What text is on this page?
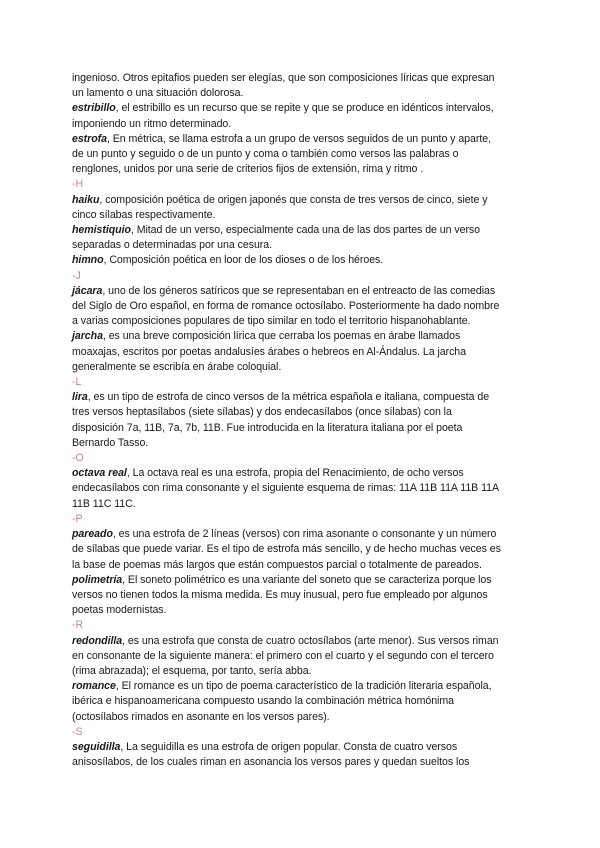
ingenioso. Otros epitafios pueden ser elegías, que son composiciones líricas que expresan
un lamento o una situación dolorosa.
estribillo, el estribillo es un recurso que se repite y que se produce en idénticos intervalos,
imponiendo un ritmo determinado.
estrofa, En métrica, se llama estrofa a un grupo de versos seguidos de un punto y aparte,
de un punto y seguido o de un punto y coma o también como versos las palabras o
renglones, unidos por una serie de criterios fijos de extensión, rima y ritmo .
-H
haiku, composición poética de origen japonés que consta de tres versos de cinco, siete y
cinco sílabas respectivamente.
hemistiquio, Mitad de un verso, especialmente cada una de las dos partes de un verso
separadas o determinadas por una cesura.
himno, Composición poética en loor de los dioses o de los héroes.
-J
jácara, uno de los géneros satíricos que se representaban en el entreacto de las comedias
del Siglo de Oro español, en forma de romance octosílabo. Posteriormente ha dado nombre
a varias composiciones populares de tipo similar en todo el territorio hispanohablante.
jarcha, es una breve composición lírica que cerraba los poemas en árabe llamados
moaxajas, escritos por poetas andalusíes árabes o hebreos en Al-Ándalus. La jarcha
generalmente se escribía en árabe coloquial.
-L
lira, es un tipo de estrofa de cinco versos de la métrica española e italiana, compuesta de
tres versos heptasílabos (siete sílabas) y dos endecasílabos (once sílabas) con la
disposición 7a, 11B, 7a, 7b, 11B. Fue introducida en la literatura italiana por el poeta
Bernardo Tasso.
-O
octava real, La octava real es una estrofa, propia del Renacimiento, de ocho versos
endecasílabos con rima consonante y el siguiente esquema de rimas: 11A 11B 11A 11B 11A
11B 11C 11C.
-P
pareado, es una estrofa de 2 líneas (versos) con rima asonante o consonante y un número
de sílabas que puede variar. Es el tipo de estrofa más sencillo, y de hecho muchas veces es
la base de poemas más largos que están compuestos parcial o totalmente de pareados.
polimetría, El soneto polimétrico es una variante del soneto que se caracteriza porque los
versos no tienen todos la misma medida. Es muy inusual, pero fue empleado por algunos
poetas modernistas.
-R
redondilla, es una estrofa que consta de cuatro octosílabos (arte menor). Sus versos riman
en consonante de la siguiente manera: el primero con el cuarto y el segundo con el tercero
(rima abrazada); el esquema, por tanto, sería abba.
romance, El romance es un tipo de poema característico de la tradición literaria española,
ibérica e hispanoamericana compuesto usando la combinación métrica homónima
(octosílabos rimados en asonante en los versos pares).
-S
seguidilla, La seguidilla es una estrofa de origen popular. Consta de cuatro versos
anisosílabos, de los cuales riman en asonancia los versos pares y quedan sueltos los
